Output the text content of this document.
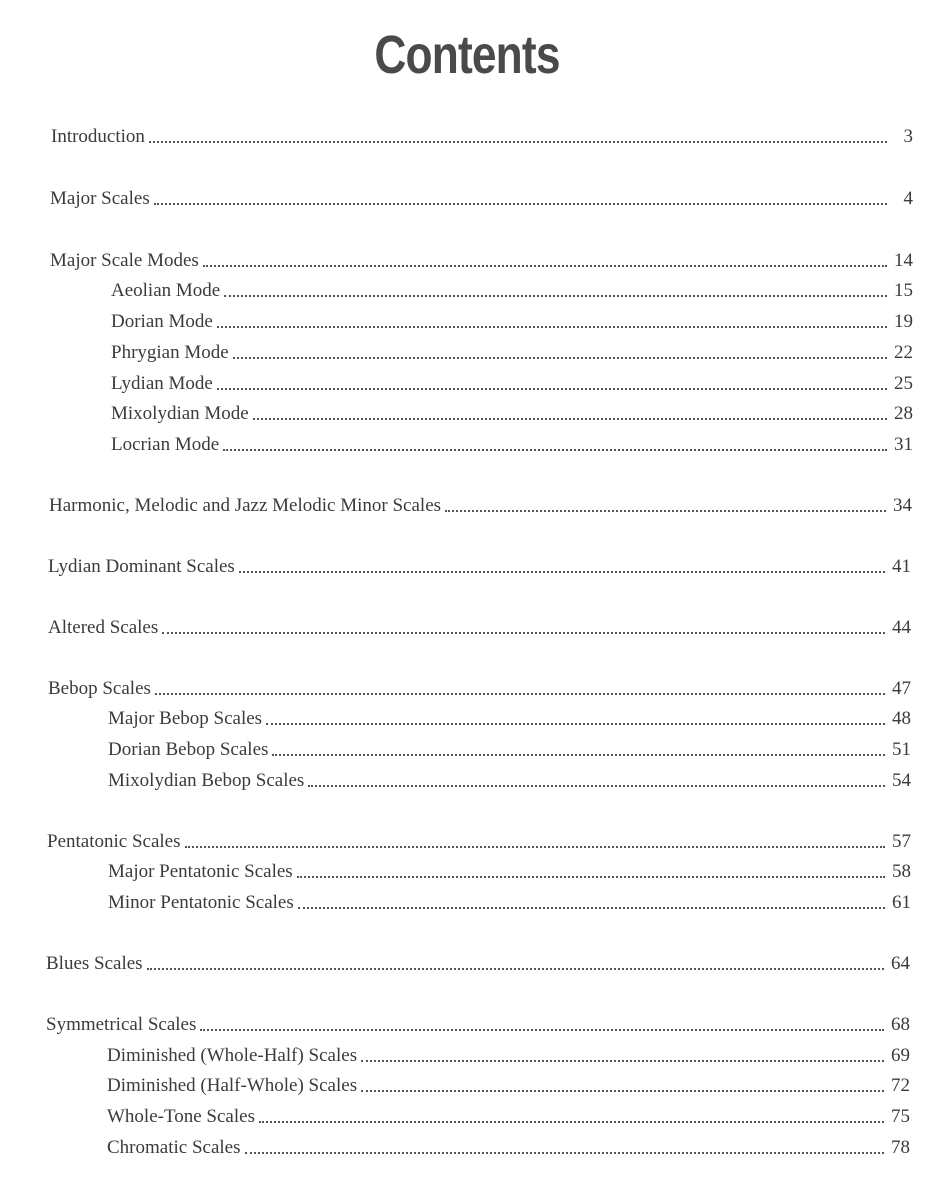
Contents
Introduction	3
Major Scales	4
Major Scale Modes	14
Aeolian Mode	15
Dorian Mode	19
Phrygian Mode	22
Lydian Mode	25
Mixolydian Mode	28
Locrian Mode	31
Harmonic, Melodic and Jazz Melodic Minor Scales	34
Lydian Dominant Scales	41
Altered Scales	44
Bebop Scales	47
Major Bebop Scales	48
Dorian Bebop Scales	51
Mixolydian Bebop Scales	54
Pentatonic Scales	57
Major Pentatonic Scales	58
Minor Pentatonic Scales	61
Blues Scales	64
Symmetrical Scales	68
Diminished (Whole-Half) Scales	69
Diminished (Half-Whole) Scales	72
Whole-Tone Scales	75
Chromatic Scales	78
